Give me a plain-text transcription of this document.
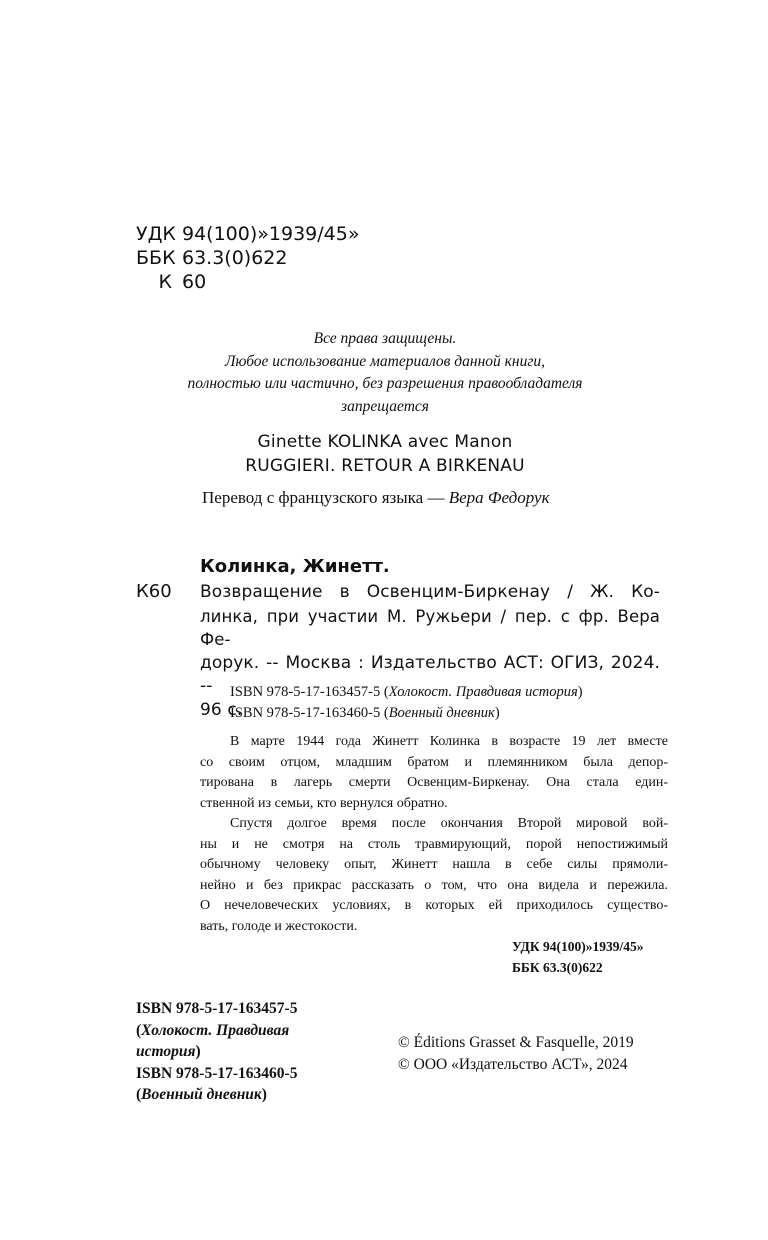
УДК 94(100)»1939/45»
ББК 63.3(0)622
К 60
Все права защищены.
Любое использование материалов данной книги,
полностью или частично, без разрешения правообладателя
запрещается
Ginette KOLINKA avec Manon
RUGGIERI. RETOUR A BIRKENAU
Перевод с французского языка — Вера Федорук
Колинка, Жинетт.
К60 Возвращение в Освенцим-Биркенау / Ж. Ко-
линка, при участии М. Ружьери / пер. с фр. Вера Фе-
дорук. -- Москва : Издательство АСТ: ОГИЗ, 2024. --
96 с.
ISBN 978-5-17-163457-5 (Холокост. Правдивая история)
ISBN 978-5-17-163460-5 (Военный дневник)

В марте 1944 года Жинетт Колинка в возрасте 19 лет вместе

со своим отцом, младшим братом и племянником была депор-
тирована в лагерь смерти Освенцим-Биркенау. Она стала един-
ственной из семьи, кто вернулся обратно.

Спустя долгое время после окончания Второй мировой вой-

ны и не смотря на столь травмирующий, порой непостижимый
обычному человеку опыт, Жинетт нашла в себе силы прямоли-
нейно и без прикрас рассказать о том, что она видела и пережила.
О нечеловеческих условиях, в которых ей приходилось существо-
вать, голоде и жестокости.
УДК 94(100)»1939/45»
ББК 63.3(0)622
ISBN 978-5-17-163457-5
(Холокост. Правдивая
история)
ISBN 978-5-17-163460-5
(Военный дневник)
© Éditions Grasset & Fasquelle, 2019
© ООО «Издательство АСТ», 2024
